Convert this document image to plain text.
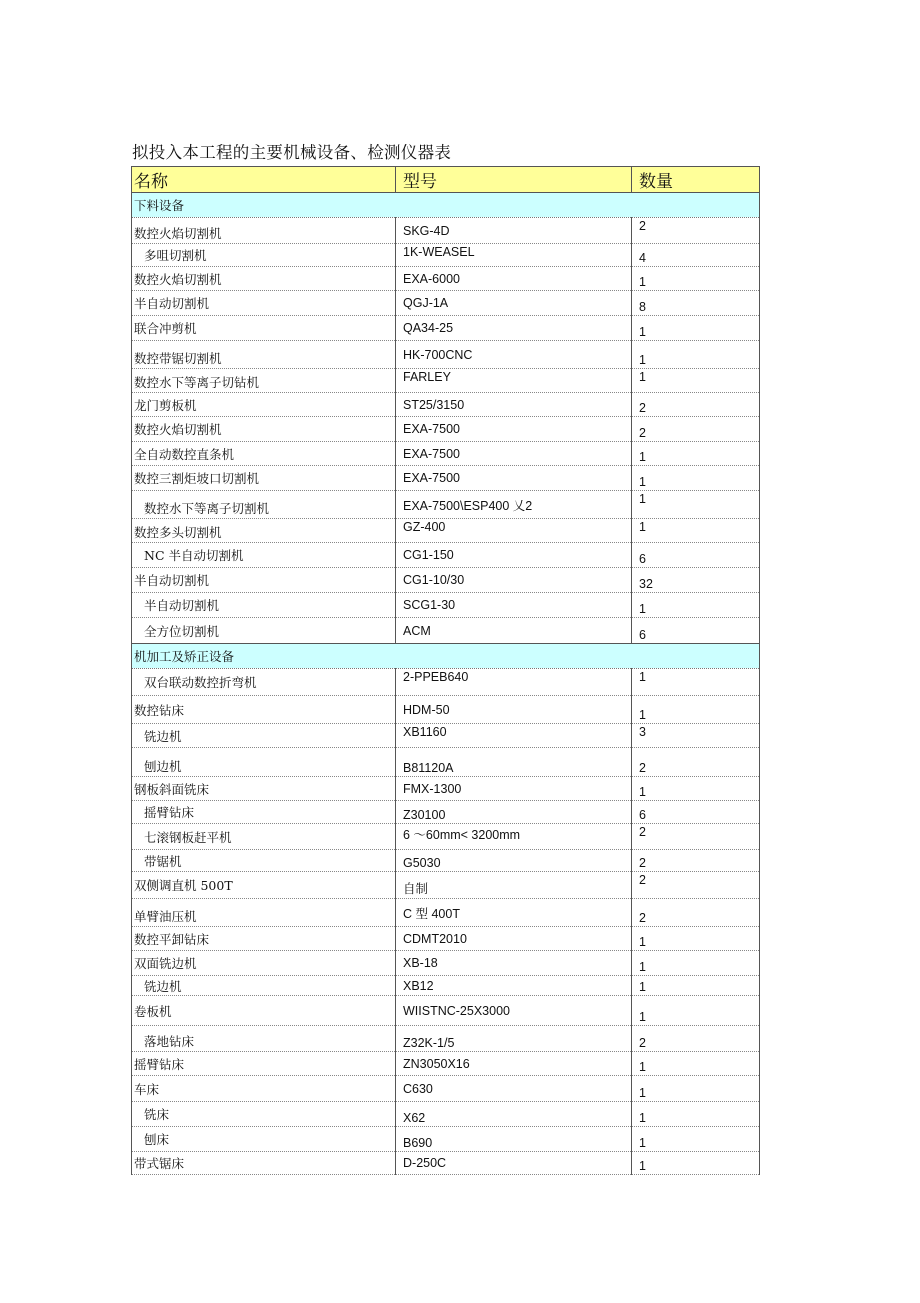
拟投入本工程的主要机械设备、检测仪器表
名称	型号	数量
下料设备		
数控火焰切割机	SKG-4D	2
多咀切割机	1K-WEASEL	4
数控火焰切割机	EXA-6000	1
半自动切割机	QGJ-1A	8
联合冲剪机	QA34-25	1
数控带锯切割机	HK-700CNC	1
数控水下等离子切钻机	FARLEY	1
龙门剪板机	ST25/3150	2
数控火焰切割机	EXA-7500	2
全自动数控直条机	EXA-7500	1
数控三割炬坡口切割机	EXA-7500	1
数控水下等离子切割机	EXA-7500\ESP400 乂2	1
数控多头切割机	GZ-400	1
NC 半自动切割机	CG1-150	6
半自动切割机	CG1-10/30	32
半自动切割机	SCG1-30	1
全方位切割机	ACM	6
机加工及矫正设备		
双台联动数控折弯机	2-PPEB640	1
数控钻床	HDM-50	1
铣边机	XB1160	3
刨边机	B81120A	2
钢板斜面铣床	FMX-1300	1
摇臂钻床	Z30100	6
七滚钢板赶平机	6 ～60mm< 3200mm	2
带锯机	G5030	2
双侧调直机 500T	自制	2
单臂油压机	C 型 400T	2
数控平卸钻床	CDMT2010	1
双面铣边机	XB-18	1
铣边机	XB12	1
卷板机	WIISTNC-25X3000	1
落地钻床	Z32K-1/5	2
摇臂钻床	ZN3050X16	1
车床	C630	1
铣床	X62	1
刨床	B690	1
带式锯床	D-250C	1
